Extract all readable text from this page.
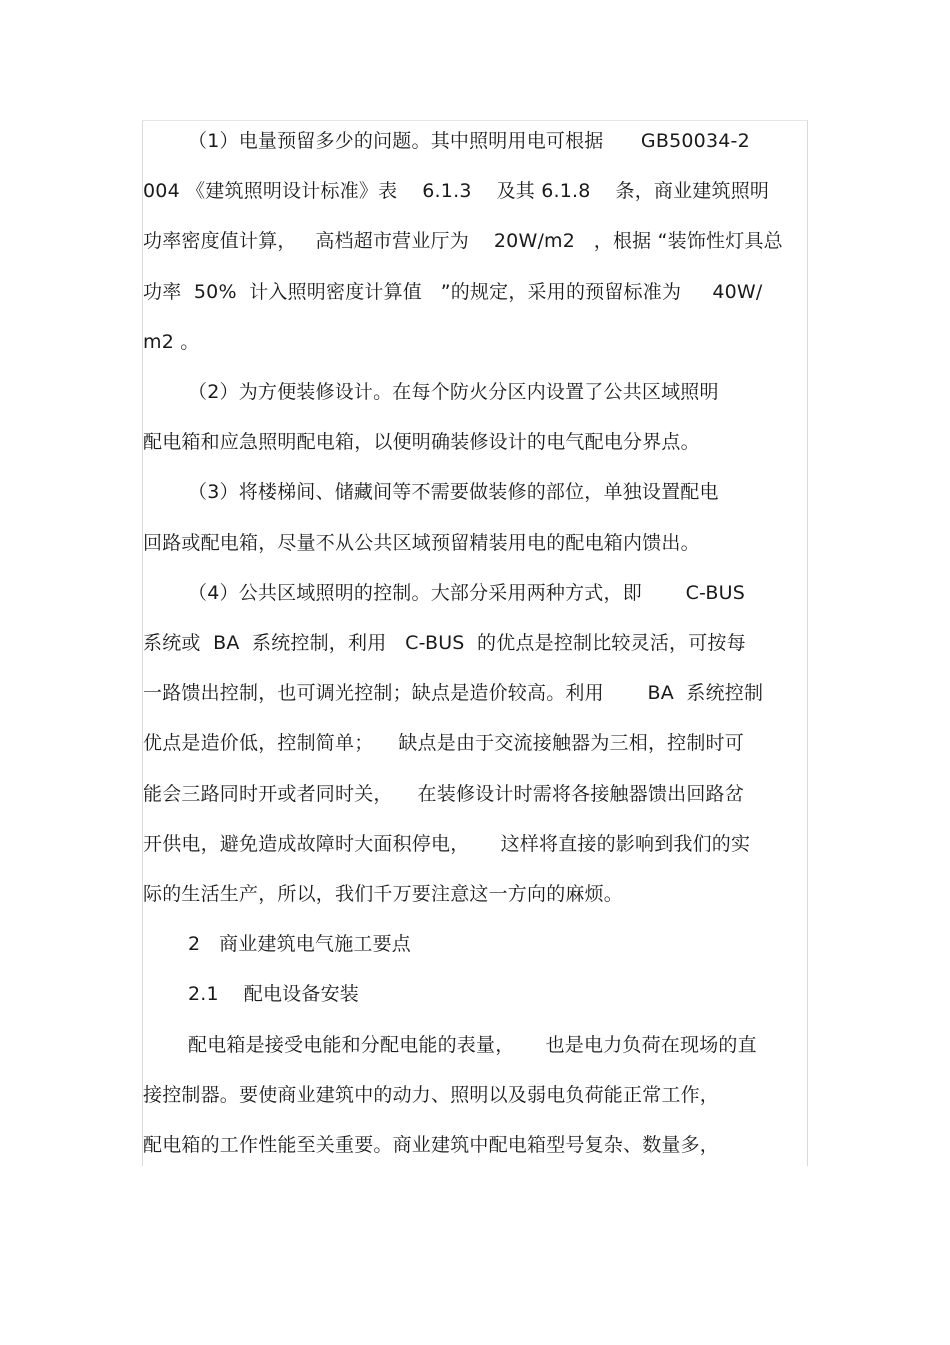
（1）电量预留多少的问题。其中照明用电可根据      GB50034-2
004 《建筑照明设计标准》表    6.1.3    及其 6.1.8    条，商业建筑照明
功率密度值计算，   高档超市营业厅为    20W/m2   ，根据 “装饰性灯具总
功率  50%  计入照明密度计算值   ”的规定，采用的预留标准为     40W/
m2 。
（2）为方便装修设计。在每个防火分区内设置了公共区域照明
配电箱和应急照明配电箱，以便明确装修设计的电气配电分界点。
（3）将楼梯间、储藏间等不需要做装修的部位，单独设置配电
回路或配电箱，尽量不从公共区域预留精装用电的配电箱内馈出。
（4）公共区域照明的控制。大部分采用两种方式，即       C-BUS
系统或  BA  系统控制，利用   C-BUS  的优点是控制比较灵活，可按每
一路馈出控制，也可调光控制；缺点是造价较高。利用       BA  系统控制
优点是造价低，控制简单；    缺点是由于交流接触器为三相，控制时可
能会三路同时开或者同时关，    在装修设计时需将各接触器馈出回路岔
开供电，避免造成故障时大面积停电，     这样将直接的影响到我们的实
际的生活生产，所以，我们千万要注意这一方向的麻烦。
2   商业建筑电气施工要点
2.1    配电设备安装
配电箱是接受电能和分配电能的表量，     也是电力负荷在现场的直
接控制器。要使商业建筑中的动力、照明以及弱电负荷能正常工作，
配电箱的工作性能至关重要。商业建筑中配电箱型号复杂、数量多，
